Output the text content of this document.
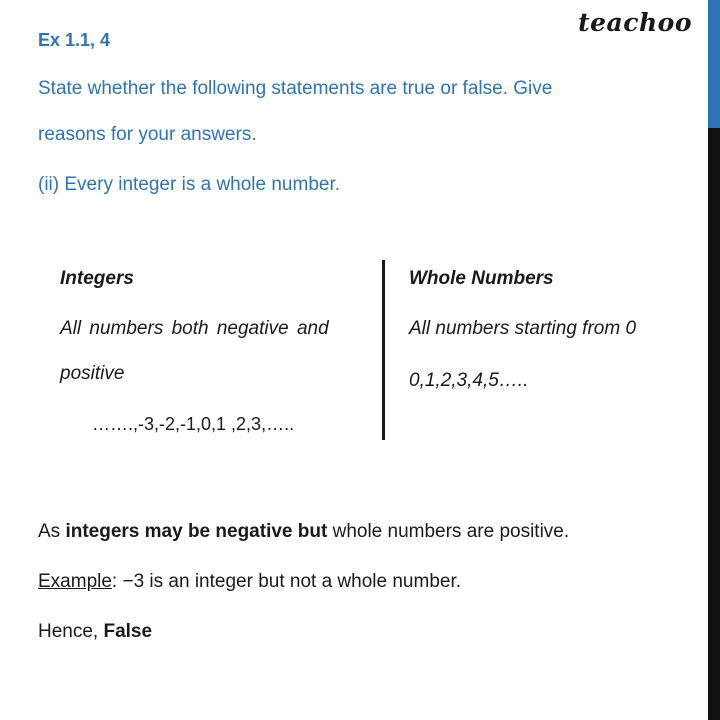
Ex 1.1, 4
teachoo
State whether the following statements are true or false. Give
reasons for your answers.
(ii) Every integer is a whole number.
Integers
All numbers both negative and
positive
…….,-3,-2,-1,0,1 ,2,3,…..
Whole Numbers
All numbers starting from 0
0,1,2,3,4,5…..
As integers may be negative but whole numbers are positive.
Example: −3 is an integer but not a whole number.
Hence, False
